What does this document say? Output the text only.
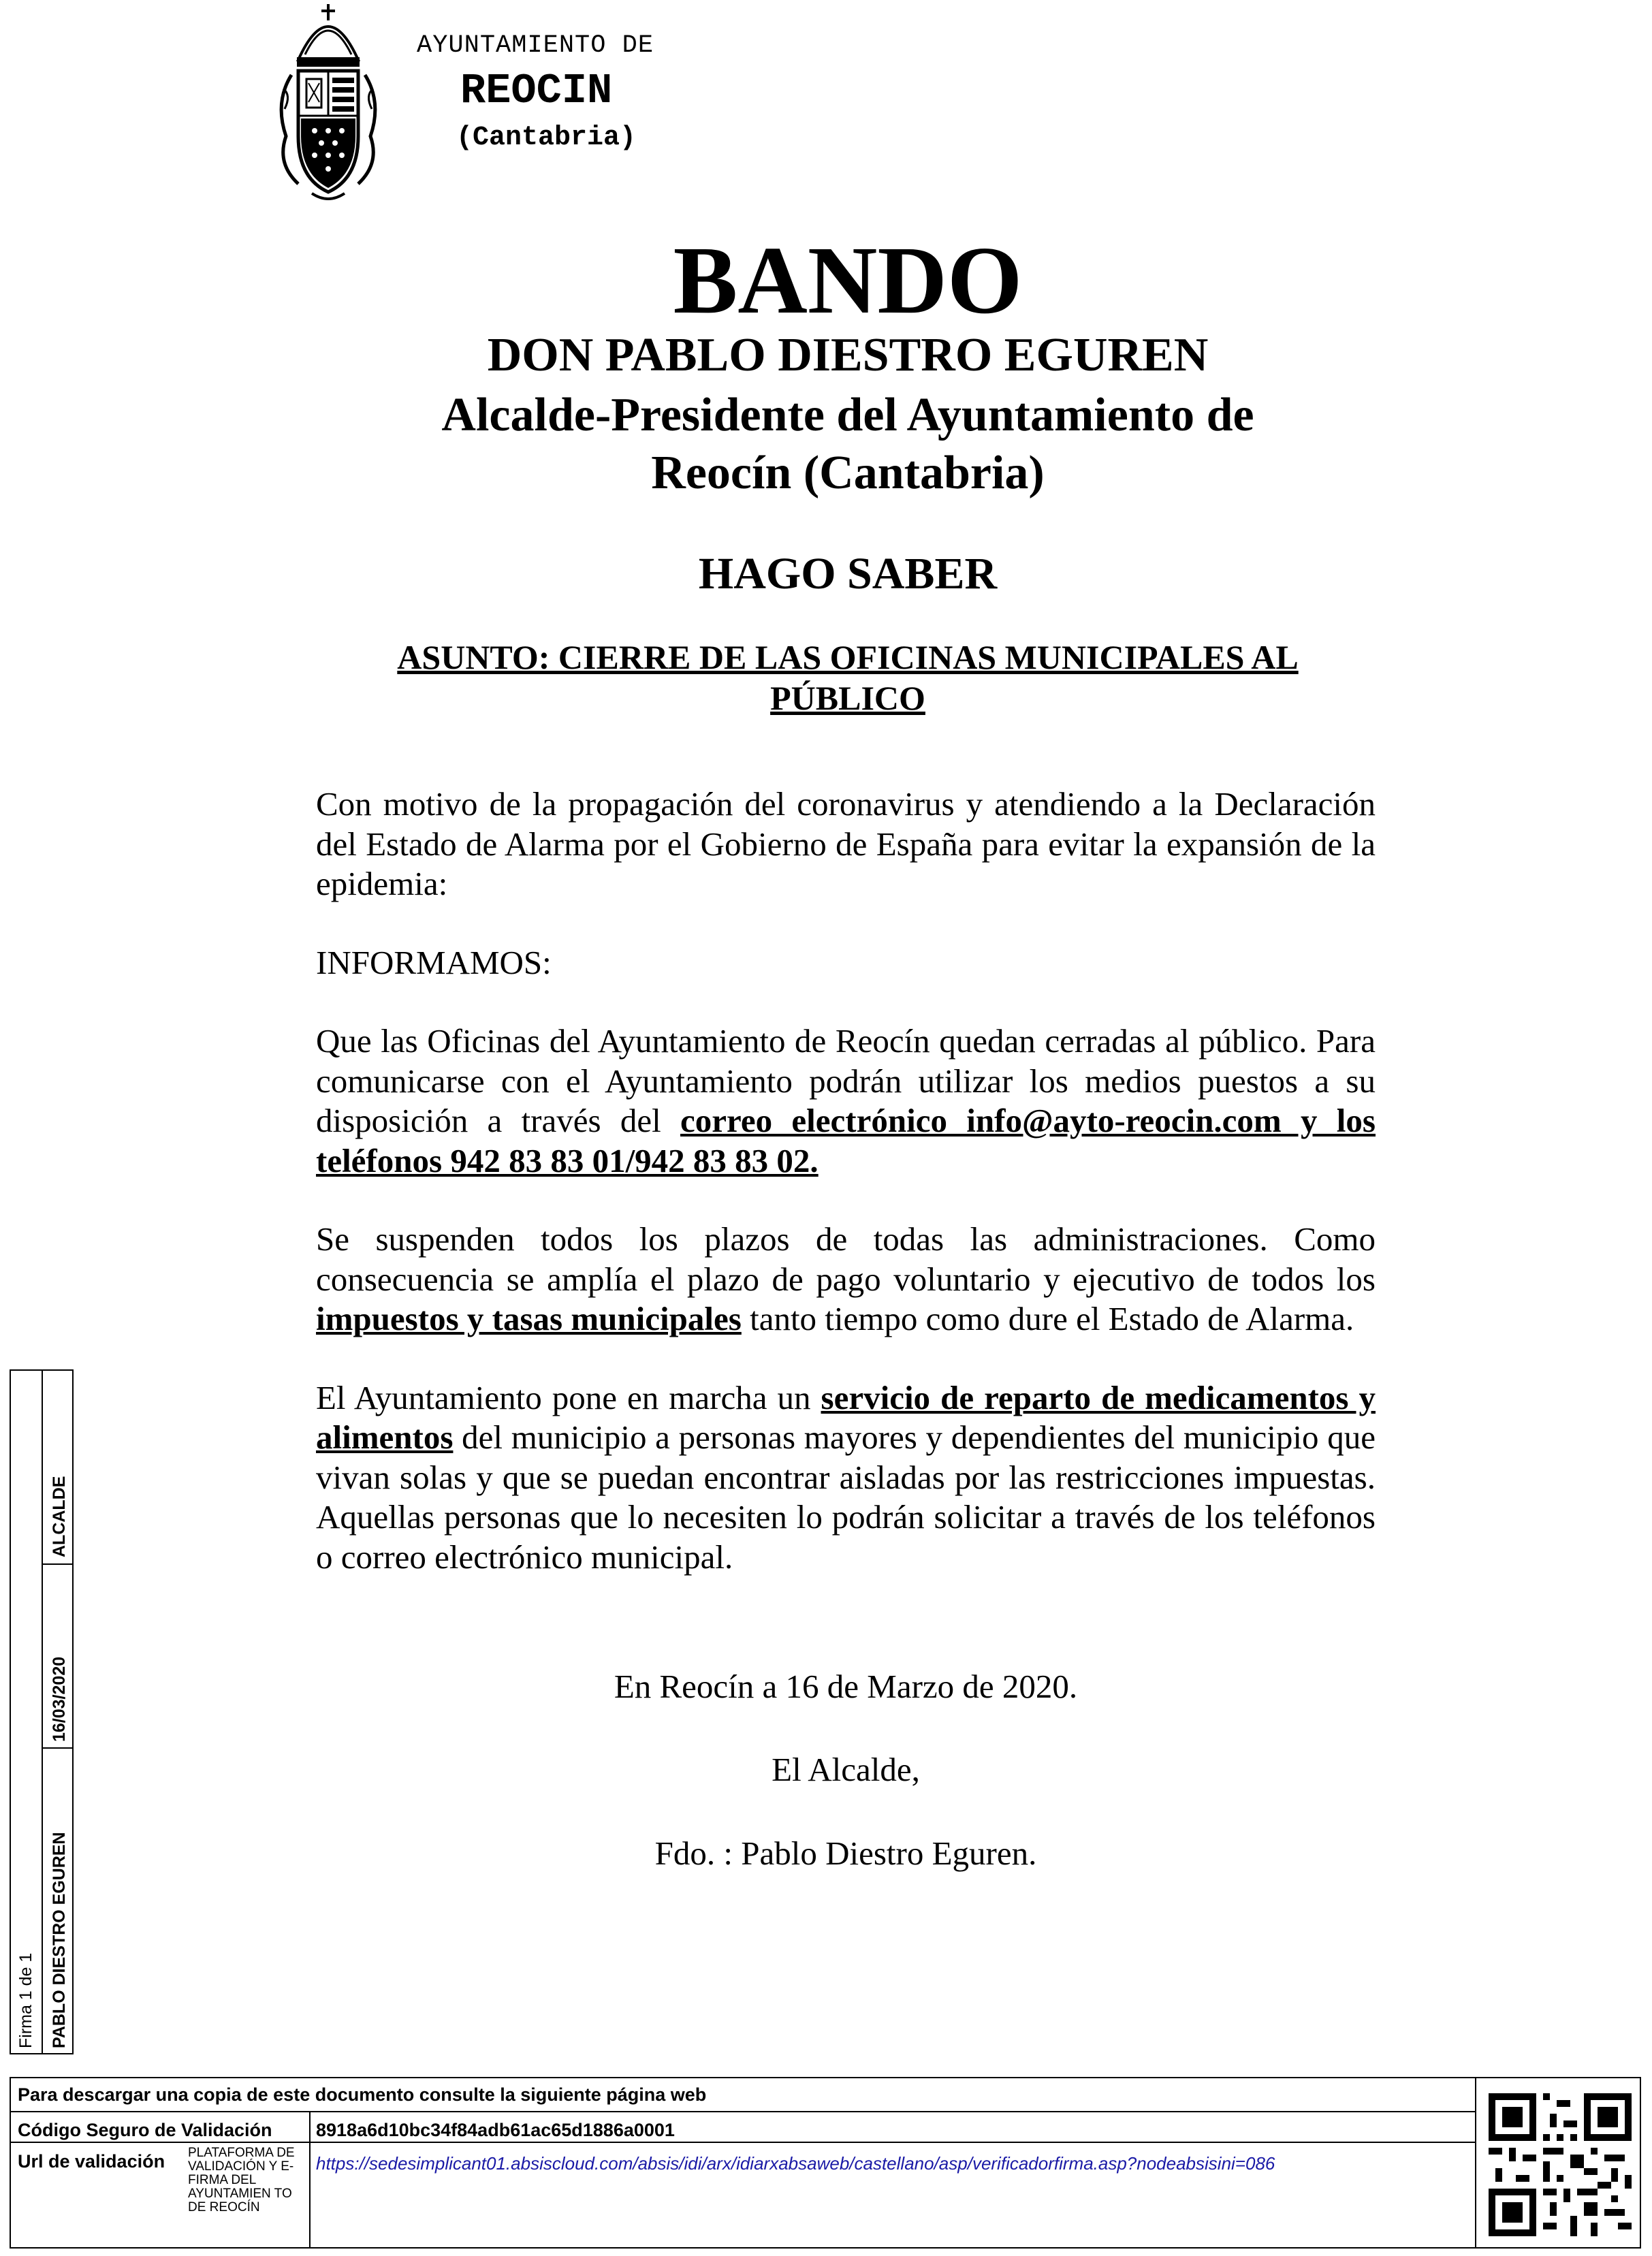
AYUNTAMIENTO DE
REOCIN
(Cantabria)
BANDO
DON PABLO DIESTRO EGUREN
Alcalde-Presidente del Ayuntamiento de
Reocín (Cantabria)
HAGO SABER
ASUNTO: CIERRE DE LAS OFICINAS MUNICIPALES AL
PÚBLICO

Con motivo de la propagación del coronavirus y atendiendo a la Declaración del Estado de Alarma por el Gobierno de España para evitar la expansión de la epidemia:

INFORMAMOS:

Que las Oficinas del Ayuntamiento de Reocín quedan cerradas al público. Para comunicarse con el Ayuntamiento podrán utilizar los medios puestos a su disposición a través del correo electrónico info@ayto-reocin.com y los teléfonos 942 83 83 01/942 83 83 02.

Se suspenden todos los plazos de todas las administraciones. Como consecuencia se amplía el plazo de pago voluntario y ejecutivo de todos los impuestos y tasas municipales tanto tiempo como dure el Estado de Alarma.

El Ayuntamiento pone en marcha un servicio de reparto de medicamentos y alimentos del municipio a personas mayores y dependientes del municipio que vivan solas y que se puedan encontrar aisladas por las restricciones impuestas. Aquellas personas que lo necesiten lo podrán solicitar a través de los teléfonos o correo electrónico municipal.

En Reocín a 16 de Marzo de 2020.

El Alcalde,

Fdo. : Pablo Diestro Eguren.

Firma 1 de 1 PABLO DIESTRO EGUREN
16/03/2020
ALCALDE
Para descargar una copia de este documento consulte la siguiente página web
Código Seguro de Validación 8918a6d10bc34f84adb61ac65d1886a0001
Url de validación PLATAFORMA DE VALIDACIÓN Y E-FIRMA DEL AYUNTAMIEN TO DE REOCÍN
https://sedesimplicant01.absiscloud.com/absis/idi/arx/idiarxabsaweb/castellano/asp/verificadorfirma.asp?nodeabsisini=086
